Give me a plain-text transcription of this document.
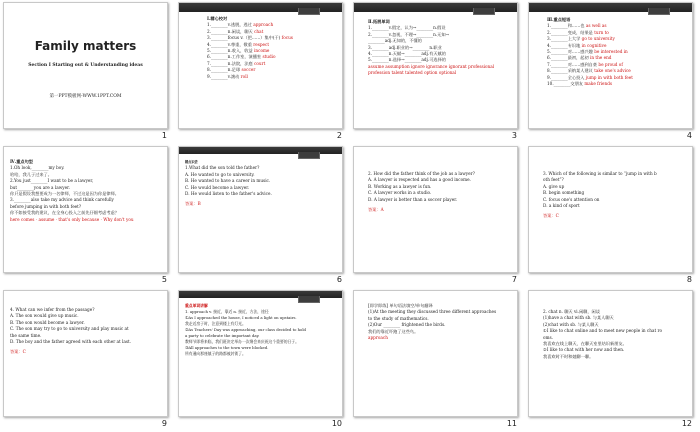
Family matters
Section Ⅰ Starting out & Understanding ideas
第一PPT模板网-WWW.1PPT.COM
1
Ⅰ.精心校对
1.________v.逃脱，逃过 approach
2.________n.闲谈，聊天 chat
3.________focus v.（把……）集中(于) focus
4.________v.尊重，敬重 respect
5.________n.收入，收益 income
6.________n.工作室，演播室 studio
7.________n.法院，法庭 court
8.________n.足球 soccer
9.________v.滚动 roll
2
Ⅱ.拓展单词
1.________v.假定，认为→________n.假设
2.________v.忽视，不理→________n.无知→
________adj.无知的，不懂的
3.________adj.职业的→________n.职业
4.________n.天赋→________adj.有天赋的
5.________n.选择→________adj.可选择的
assume assumption ignore ignorance ignorant professional
profession talent talented option optional
3
Ⅲ.重点短语
1.________和……也 as well as
2.________变成，结果是 turn to
3.________上大学 go to university
4.________专识地 in cognitive
5.________对……感兴趣 be interested in
6.________最初，起初 in the end
7.________对……感到自豪 be proud of
8.________采纳某人建议 take one's advice
9.________全心投入 jump in with both feet
10.________交朋友 make friends
4
Ⅳ.重点句型
1.Oh look,________my boy.
哈哈，我儿子过来了。
2.You just________I want to be a lawyer,
but________you are a lawyer.
你只是假设我想要成为一名律师，不过这是因为你是律师。
3.________also take my advice and think carefully
before jumping in with both feet?
你不如接受我的建议，在全身心投入之前先仔细考虑考虑？
here comes · assume · that's only because · Why don't you
5
精点识尝
1.What did the son told the father?
A. He wanted to go to university.
B. He wanted to have a career in music.
C. He would become a lawyer.
D. He would listen to the father's advice.
答案：B
6
2. How did the father think of the job as a lawyer?
A. A lawyer is respected and has a good income.
B. Working as a lawyer is fun.
C. A lawyer works in a studio.
D. A lawyer is better than a soccer player.
答案：A
7
3. Which of the following is similar to “jump in with b
oth feet”?
A. give up
B. begin something
C. focus one's attention on
D. a kind of sport
答案：C
8
4. What can we infer from the passage?
A. The son would give up music.
B. The son would become a lawyer.
C. The son may try to go to university and play music at
the same time.
D. The boy and the father agreed with each other at last.
答案：C
9
重点单词讲解
1. approach v. 接近，靠近 n. 接近，方法，途径
①As I approached the house, I noticed a light on upstairs.
我走近房子时，注意到楼上有灯光。
②As Teachers' Day was approaching, our class decided to hold
a party to celebrate the important day.
教师节即将来临，我们班决定举办一次聚会来庆祝这个重要的日子。
③All approaches to the town were blocked.
所有通向那座镇子的路都被封锁了。
10
[即学即练] 单句语法填空/单句翻译
(1)At the meeting they discussed three different approaches
to the study of mathematics.
(2)Our ________ frightened the birds.
我们的靠近吓跑了这些鸟。
approach
11
2. chat n. 聊天 vi.闲聊，闲谈
(1)have a chat with sb. 与某人聊天
(2)chat with sb. 与某人聊天
①I like to chat online and to meet new people in chat ro
oms.
我喜欢在线上聊天，在聊天室里结识新朋友。
②I like to chat with her now and then.
我喜欢时不时和她聊一聊。
12
